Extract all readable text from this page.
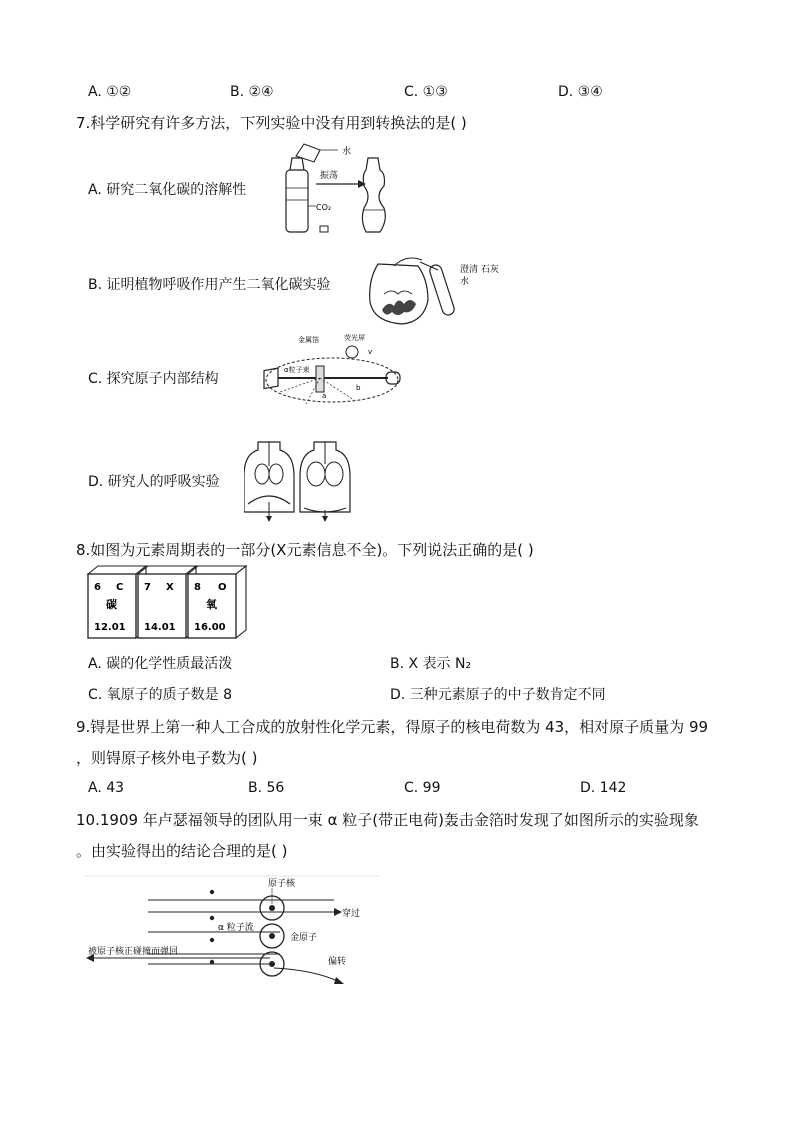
A. ①②	B. ②④	C. ①③	D. ③④
7.科学研究有许多方法，下列实验中没有用到转换法的是( )
A. 研究二氧化碳的溶解性
水
振荡
CO₂
B. 证明植物呼吸作用产生二氧化碳实验
澄清 石灰
水
C. 探究原子内部结构
金属箔	荧光屏
α粒子束
v
a
b
D. 研究人的呼吸实验
8.如图为元素周期表的一部分(X元素信息不全)。下列说法正确的是( )
6 C
碳
12.01
7 X
14.01
8 O
氧
16.00
A. 碳的化学性质最活泼	B. X 表示 N₂
C. 氧原子的质子数是 8	D. 三种元素原子的中子数肯定不同
9.锝是世界上第一种人工合成的放射性化学元素，得原子的核电荷数为 43，相对原子质量为 99
，则锝原子核外电子数为( )
A. 43	B. 56	C. 99	D. 142
10.1909 年卢瑟福领导的团队用一束 α 粒子(带正电荷)轰击金箔时发现了如图所示的实验现象
。由实验得出的结论合理的是( )
原子核
穿过
α 粒子流
金原子
被原子核正碰撞而弹回
偏转
